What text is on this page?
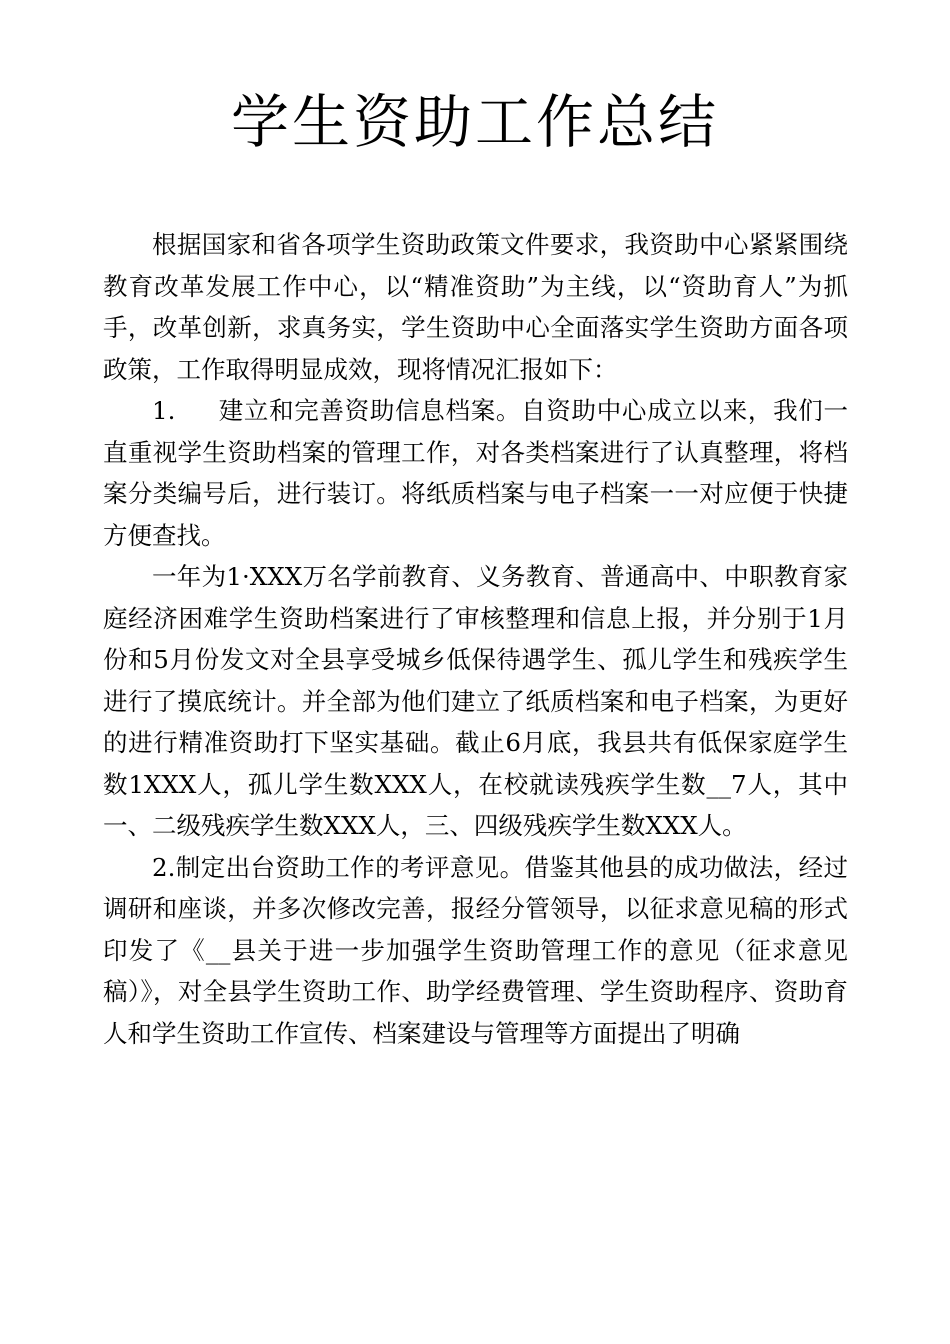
学生资助工作总结

根据国家和省各项学生资助政策文件要求，我资助中心紧紧围绕教育改革发展工作中心，以“精准资助”为主线，以“资助育人”为抓手，改革创新，求真务实，学生资助中心全面落实学生资助方面各项政策，工作取得明显成效，现将情况汇报如下：

1. 建立和完善资助信息档案。自资助中心成立以来，我们一直重视学生资助档案的管理工作，对各类档案进行了认真整理，将档案分类编号后，进行装订。将纸质档案与电子档案一一对应便于快捷方便查找。

一年为1·XXX万名学前教育、义务教育、普通高中、中职教育家庭经济困难学生资助档案进行了审核整理和信息上报，并分别于1月份和5月份发文对全县享受城乡低保待遇学生、孤儿学生和残疾学生进行了摸底统计。并全部为他们建立了纸质档案和电子档案，为更好的进行精准资助打下坚实基础。截止6月底，我县共有低保家庭学生数1XXX人，孤儿学生数XXX人，在校就读残疾学生数__7人，其中一、二级残疾学生数XXX人，三、四级残疾学生数XXX人。

2.制定出台资助工作的考评意见。借鉴其他县的成功做法，经过调研和座谈，并多次修改完善，报经分管领导，以征求意见稿的形式印发了《__县关于进一步加强学生资助管理工作的意见（征求意见稿）》，对全县学生资助工作、助学经费管理、学生资助程序、资助育人和学生资助工作宣传、档案建设与管理等方面提出了明确
